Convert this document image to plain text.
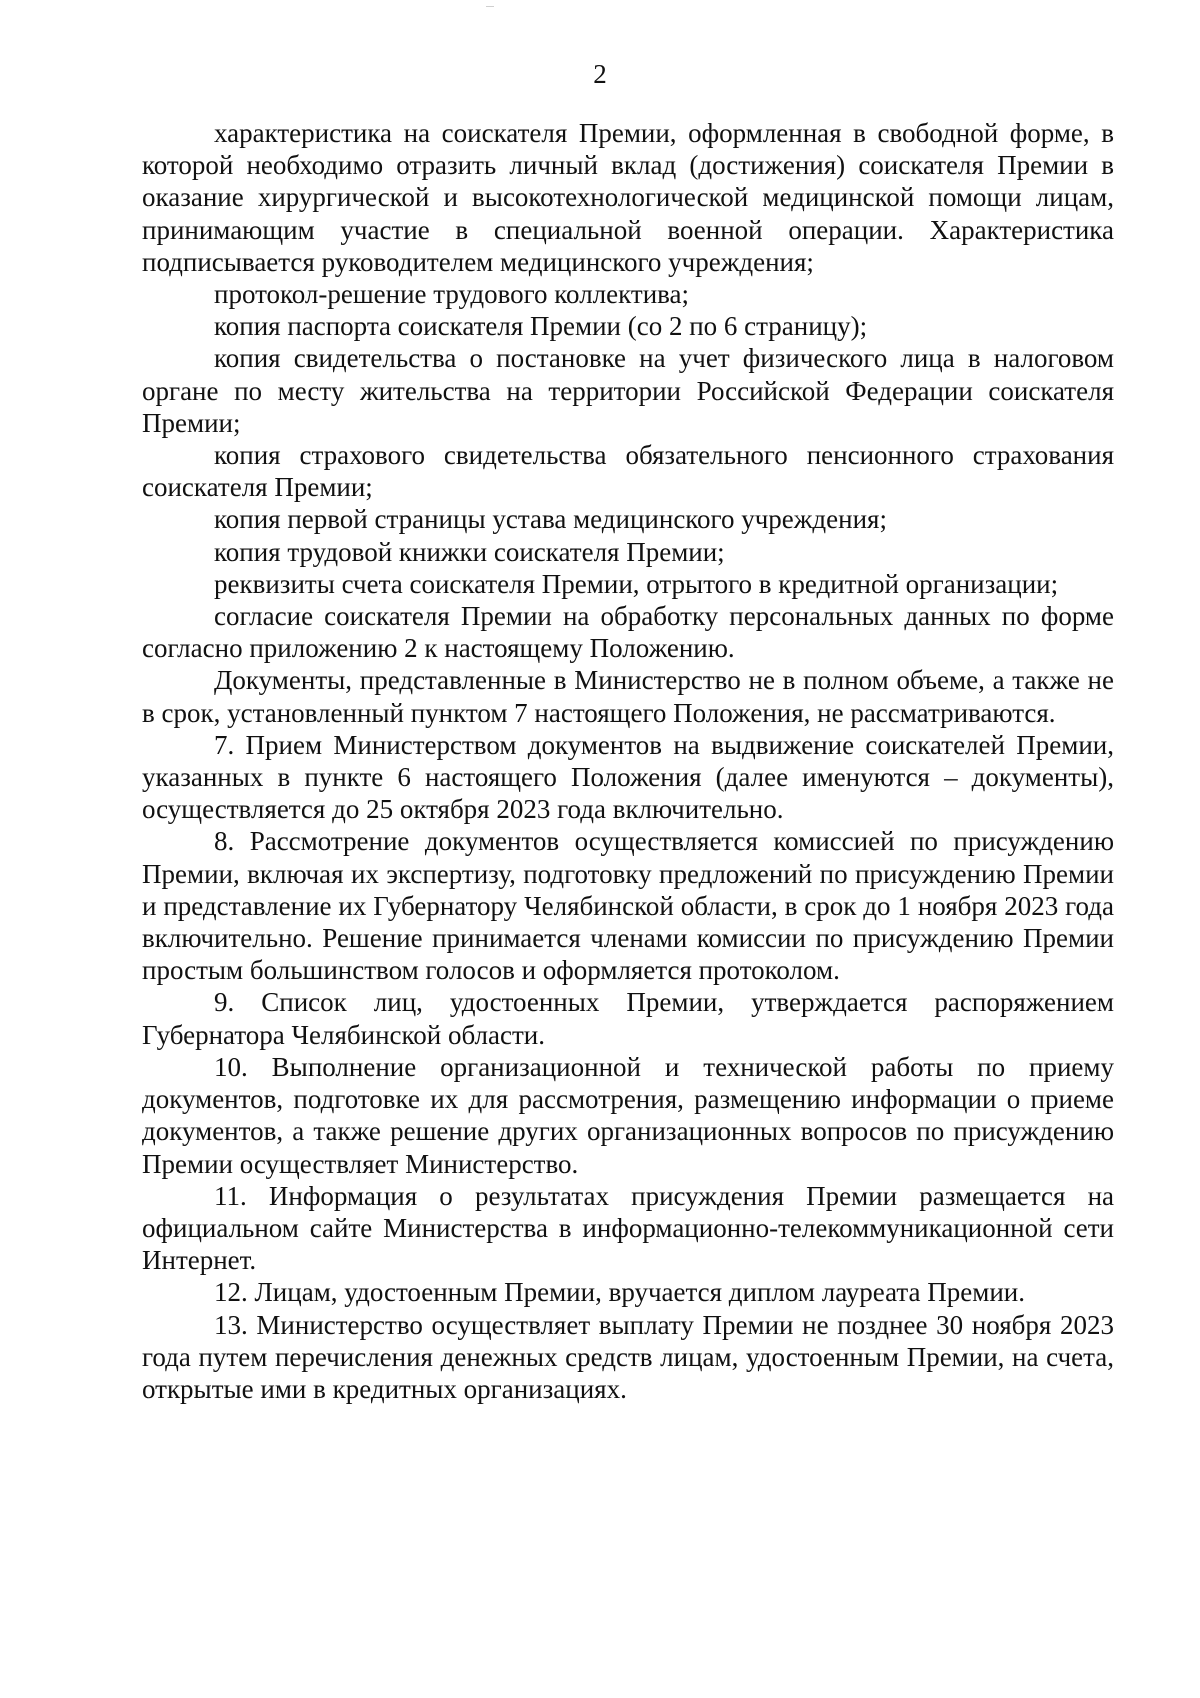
2

характеристика на соискателя Премии, оформленная в свободной форме, в которой необходимо отразить личный вклад (достижения) соискателя Премии в оказание хирургической и высокотехнологической медицинской помощи лицам, принимающим участие в специальной военной операции. Характеристика подписывается руководителем медицинского учреждения;

протокол-решение трудового коллектива;

копия паспорта соискателя Премии (со 2 по 6 страницу);

копия свидетельства о постановке на учет физического лица в налоговом органе по месту жительства на территории Российской Федерации соискателя Премии;

копия страхового свидетельства обязательного пенсионного страхования соискателя Премии;

копия первой страницы устава медицинского учреждения;

копия трудовой книжки соискателя Премии;

реквизиты счета соискателя Премии, отрытого в кредитной организации;

согласие соискателя Премии на обработку персональных данных по форме согласно приложению 2 к настоящему Положению.

Документы, представленные в Министерство не в полном объеме, а также не в срок, установленный пунктом 7 настоящего Положения, не рассматриваются.

7. Прием Министерством документов на выдвижение соискателей Премии, указанных в пункте 6 настоящего Положения (далее именуются – документы), осуществляется до 25 октября 2023 года включительно.

8. Рассмотрение документов осуществляется комиссией по присуждению Премии, включая их экспертизу, подготовку предложений по присуждению Премии и представление их Губернатору Челябинской области, в срок до 1 ноября 2023 года включительно. Решение принимается членами комиссии по присуждению Премии простым большинством голосов и оформляется протоколом.

9. Список лиц, удостоенных Премии, утверждается распоряжением Губернатора Челябинской области.

10. Выполнение организационной и технической работы по приему документов, подготовке их для рассмотрения, размещению информации о приеме документов, а также решение других организационных вопросов по присуждению Премии осуществляет Министерство.

11. Информация о результатах присуждения Премии размещается на официальном сайте Министерства в информационно-телекоммуникационной сети Интернет.

12. Лицам, удостоенным Премии, вручается диплом лауреата Премии.

13. Министерство осуществляет выплату Премии не позднее 30 ноября 2023 года путем перечисления денежных средств лицам, удостоенным Премии, на счета, открытые ими в кредитных организациях.
